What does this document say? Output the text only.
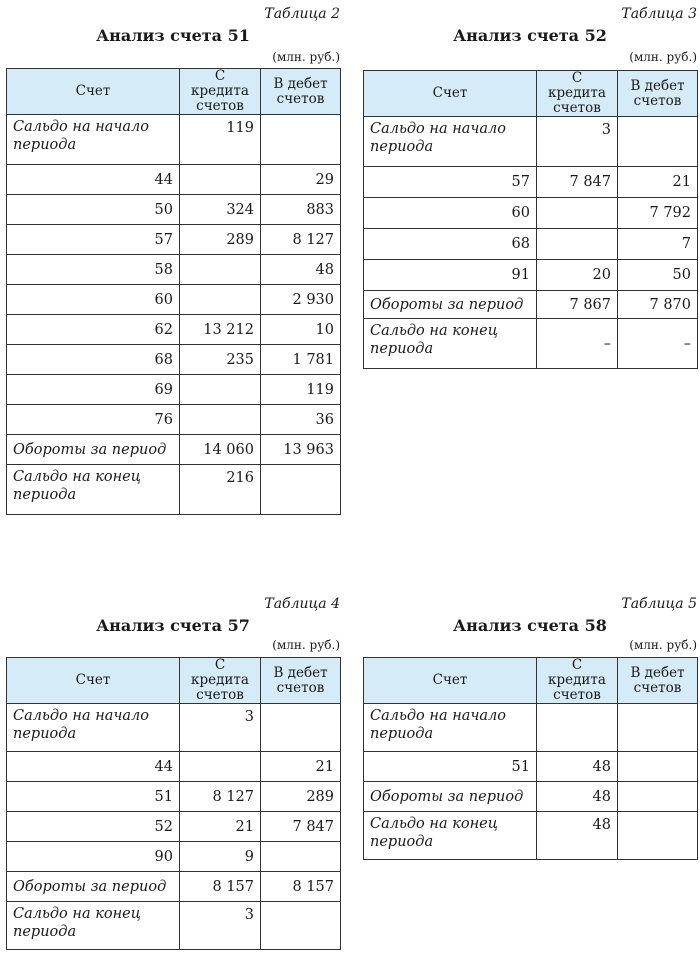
Таблица 2
Анализ счета 51
(млн. руб.)
Счет	С кредита счетов	В дебет счетов
Сальдо на начало периода	119	
44		29
50	324	883
57	289	8 127
58		48
60		2 930
62	13 212	10
68	235	1 781
69		119
76		36
Обороты за период	14 060	13 963
Сальдо на конец периода	216	
Таблица 3
Анализ счета 52
(млн. руб.)
Счет	С кредита счетов	В дебет счетов
Сальдо на начало периода	3	
57	7 847	21
60		7 792
68		7
91	20	50
Обороты за период	7 867	7 870
Сальдо на конец периода	–	–
Таблица 4
Анализ счета 57
(млн. руб.)
Счет	С кредита счетов	В дебет счетов
Сальдо на начало периода	3	
44		21
51	8 127	289
52	21	7 847
90	9	
Обороты за период	8 157	8 157
Сальдо на конец периода	3	
Таблица 5
Анализ счета 58
(млн. руб.)
Счет	С кредита счетов	В дебет счетов
Сальдо на начало периода		
51	48	
Обороты за период	48	
Сальдо на конец периода	48	
